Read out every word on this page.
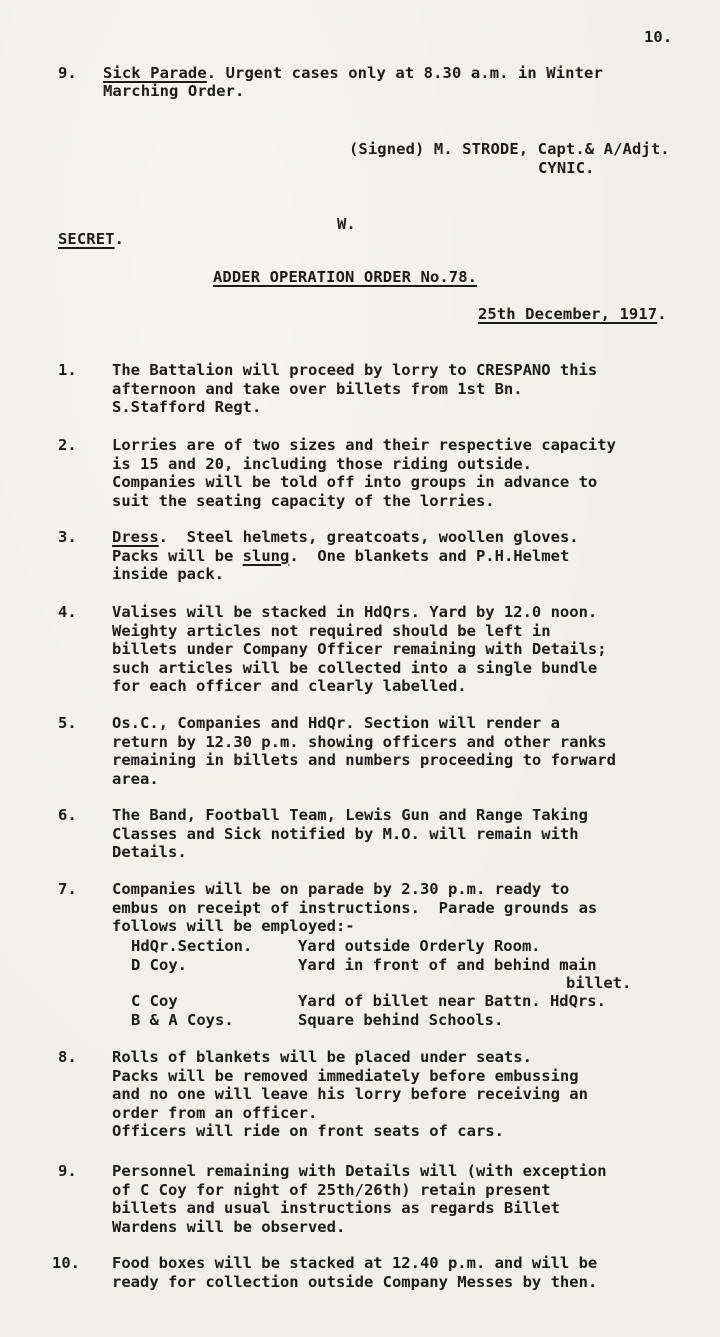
10.
9. Sick Parade. Urgent cases only at 8.30 a.m. in Winter
Marching Order.
(Signed) M. STRODE, Capt.& A/Adjt.
CYNIC.
W.
SECRET.
ADDER OPERATION ORDER No.78.
25th December, 1917.
1. The Battalion will proceed by lorry to CRESPANO this
afternoon and take over billets from 1st Bn.
S.Stafford Regt.
2. Lorries are of two sizes and their respective capacity
is 15 and 20, including those riding outside.
Companies will be told off into groups in advance to
suit the seating capacity of the lorries.
3. Dress.  Steel helmets, greatcoats, woollen gloves.
Packs will be slung.  One blankets and P.H.Helmet
inside pack.
4. Valises will be stacked in HdQrs. Yard by 12.0 noon.
Weighty articles not required should be left in
billets under Company Officer remaining with Details;
such articles will be collected into a single bundle
for each officer and clearly labelled.
5. Os.C., Companies and HdQr. Section will render a
return by 12.30 p.m. showing officers and other ranks
remaining in billets and numbers proceeding to forward
area.
6. The Band, Football Team, Lewis Gun and Range Taking
Classes and Sick notified by M.O. will remain with
Details.
7. Companies will be on parade by 2.30 p.m. ready to
embus on receipt of instructions.  Parade grounds as
follows will be employed:-
HdQr.Section.	Yard outside Orderly Room.
D Coy.	Yard in front of and behind main
billet.
C Coy	Yard of billet near Battn. HdQrs.
B & A Coys.	Square behind Schools.
8. Rolls of blankets will be placed under seats.
Packs will be removed immediately before embussing
and no one will leave his lorry before receiving an
order from an officer.
Officers will ride on front seats of cars.
9. Personnel remaining with Details will (with exception
of C Coy for night of 25th/26th) retain present
billets and usual instructions as regards Billet
Wardens will be observed.
10. Food boxes will be stacked at 12.40 p.m. and will be
ready for collection outside Company Messes by then.
